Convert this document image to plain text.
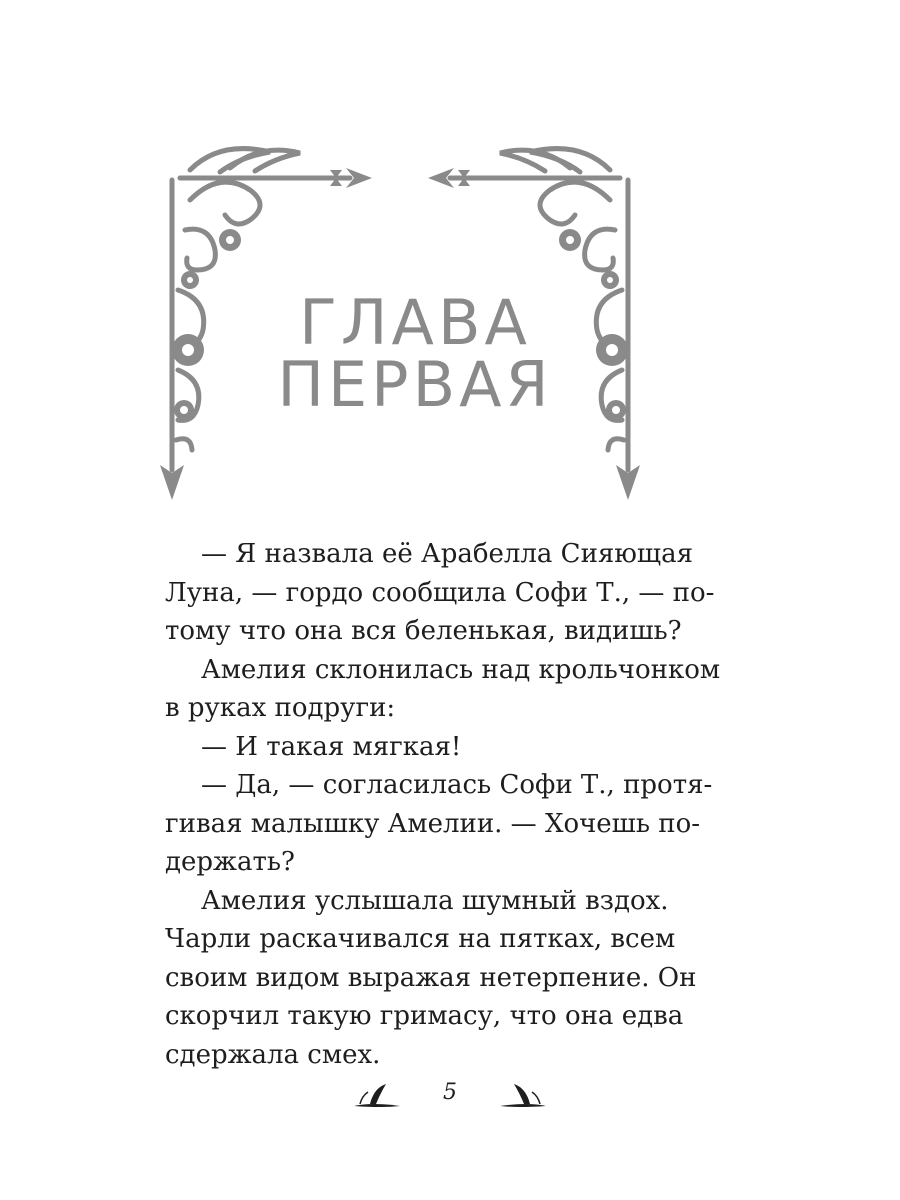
ГЛАВА
ПЕРВАЯ
— Я назвала её Арабелла Сияющая
Луна, — гордо сообщила Софи Т., — по-
тому что она вся беленькая, видишь?
Амелия склонилась над крольчонком
в руках подруги:
— И такая мягкая!
— Да, — согласилась Софи Т., протя-
гивая малышку Амелии. — Хочешь по-
держать?
Амелия услышала шумный вздох.
Чарли раскачивался на пятках, всем
своим видом выражая нетерпение. Он
скорчил такую гримасу, что она едва
сдержала смех.
5
